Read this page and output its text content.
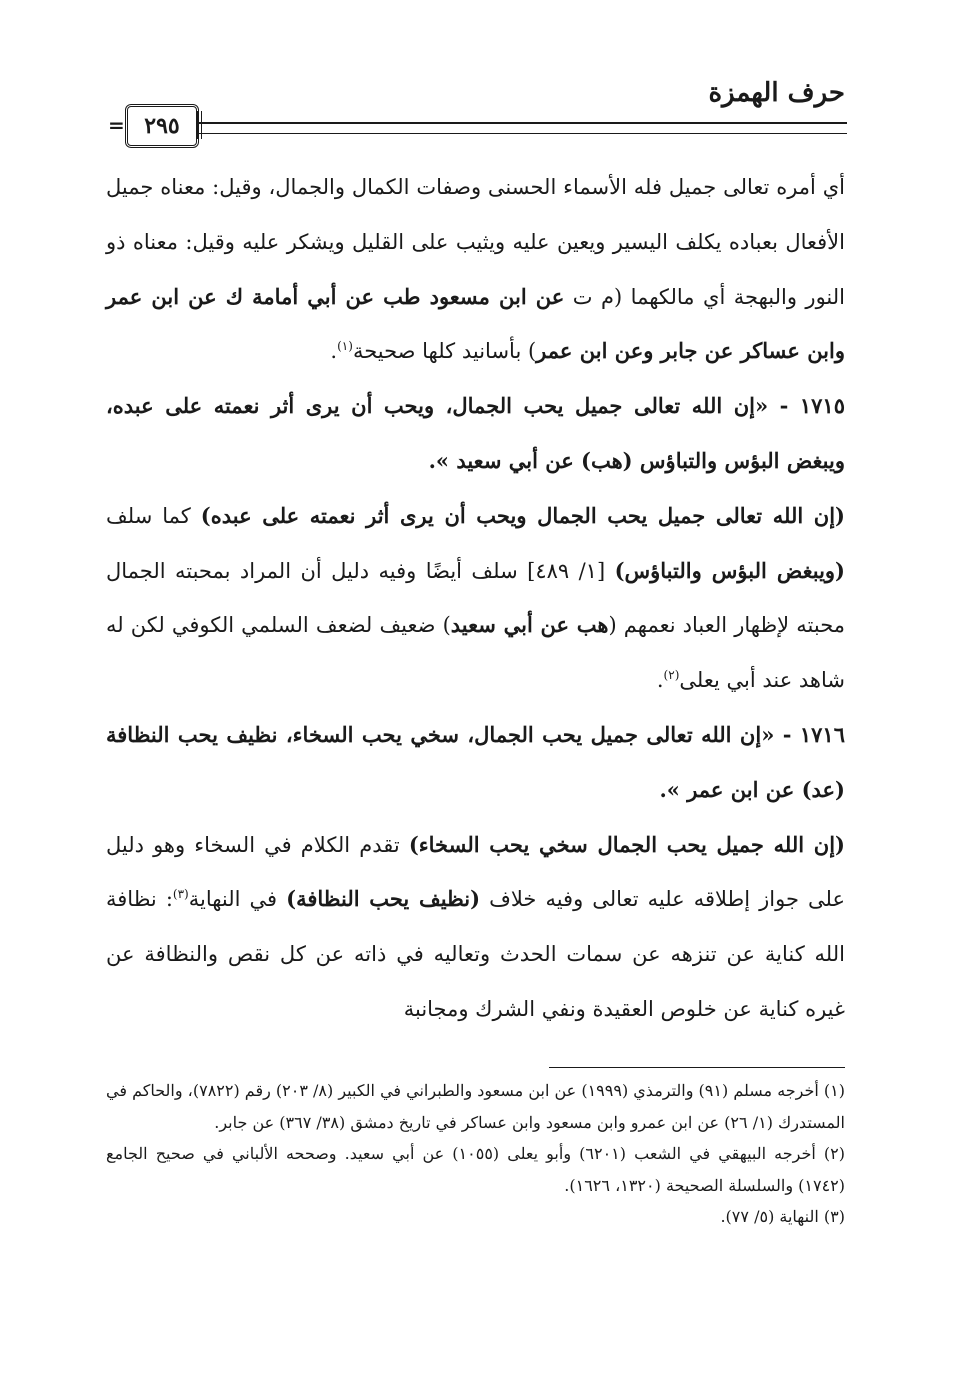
حرف الهمزة
٢٩٥
=

أي أمره تعالى جميل فله الأسماء الحسنى وصفات الكمال والجمال، وقيل: معناه جميل الأفعال بعباده يكلف اليسير ويعين عليه ويثيب على القليل ويشكر عليه وقيل: معناه ذو النور والبهجة أي مالكهما (م ت عن ابن مسعود طب عن أبي أمامة ك عن ابن عمر وابن عساكر عن جابر وعن ابن عمر) بأسانيد كلها صحيحة$^{(١)}$.

١٧١٥ - «إن الله تعالى جميل يحب الجمال، ويحب أن يرى أثر نعمته على عبده، ويبغض البؤس والتباؤس (هب) عن أبي سعيد ».

(إن الله تعالى جميل يحب الجمال ويحب أن يرى أثر نعمته على عبده) كما سلف (ويبغض البؤس والتباؤس) [١/ ٤٨٩] سلف أيضًا وفيه دليل أن المراد بمحبته الجمال محبته لإظهار العباد نعمهم (هب عن أبي سعيد) ضعيف لضعف السلمي الكوفي لكن له شاهد عند أبي يعلى$^{(٢)}$.

١٧١٦ - «إن الله تعالى جميل يحب الجمال، سخي يحب السخاء، نظيف يحب النظافة (عد) عن ابن عمر ».

(إن الله جميل يحب الجمال سخي يحب السخاء) تقدم الكلام في السخاء وهو دليل على جواز إطلاقه عليه تعالى وفيه خلاف (نظيف يحب النظافة) في النهاية$^{(٣)}$: نظافة الله كناية عن تنزهه عن سمات الحدث وتعاليه في ذاته عن كل نقص والنظافة عن غيره كناية عن خلوص العقيدة ونفي الشرك ومجانبة

(١) أخرجه مسلم (٩١) والترمذي (١٩٩٩) عن ابن مسعود والطبراني في الكبير (٨/ ٢٠٣) رقم (٧٨٢٢)، والحاكم في المستدرك (١/ ٢٦) عن ابن عمرو وابن مسعود وابن عساكر في تاريخ دمشق (٣٨/ ٣٦٧) عن جابر.

(٢) أخرجه البيهقي في الشعب (٦٢٠١) وأبو يعلى (١٠٥٥) عن أبي سعيد. وصححه الألباني في صحيح الجامع (١٧٤٢) والسلسلة الصحيحة (١٣٢٠، ١٦٢٦).

(٣) النهاية (٥/ ٧٧).
